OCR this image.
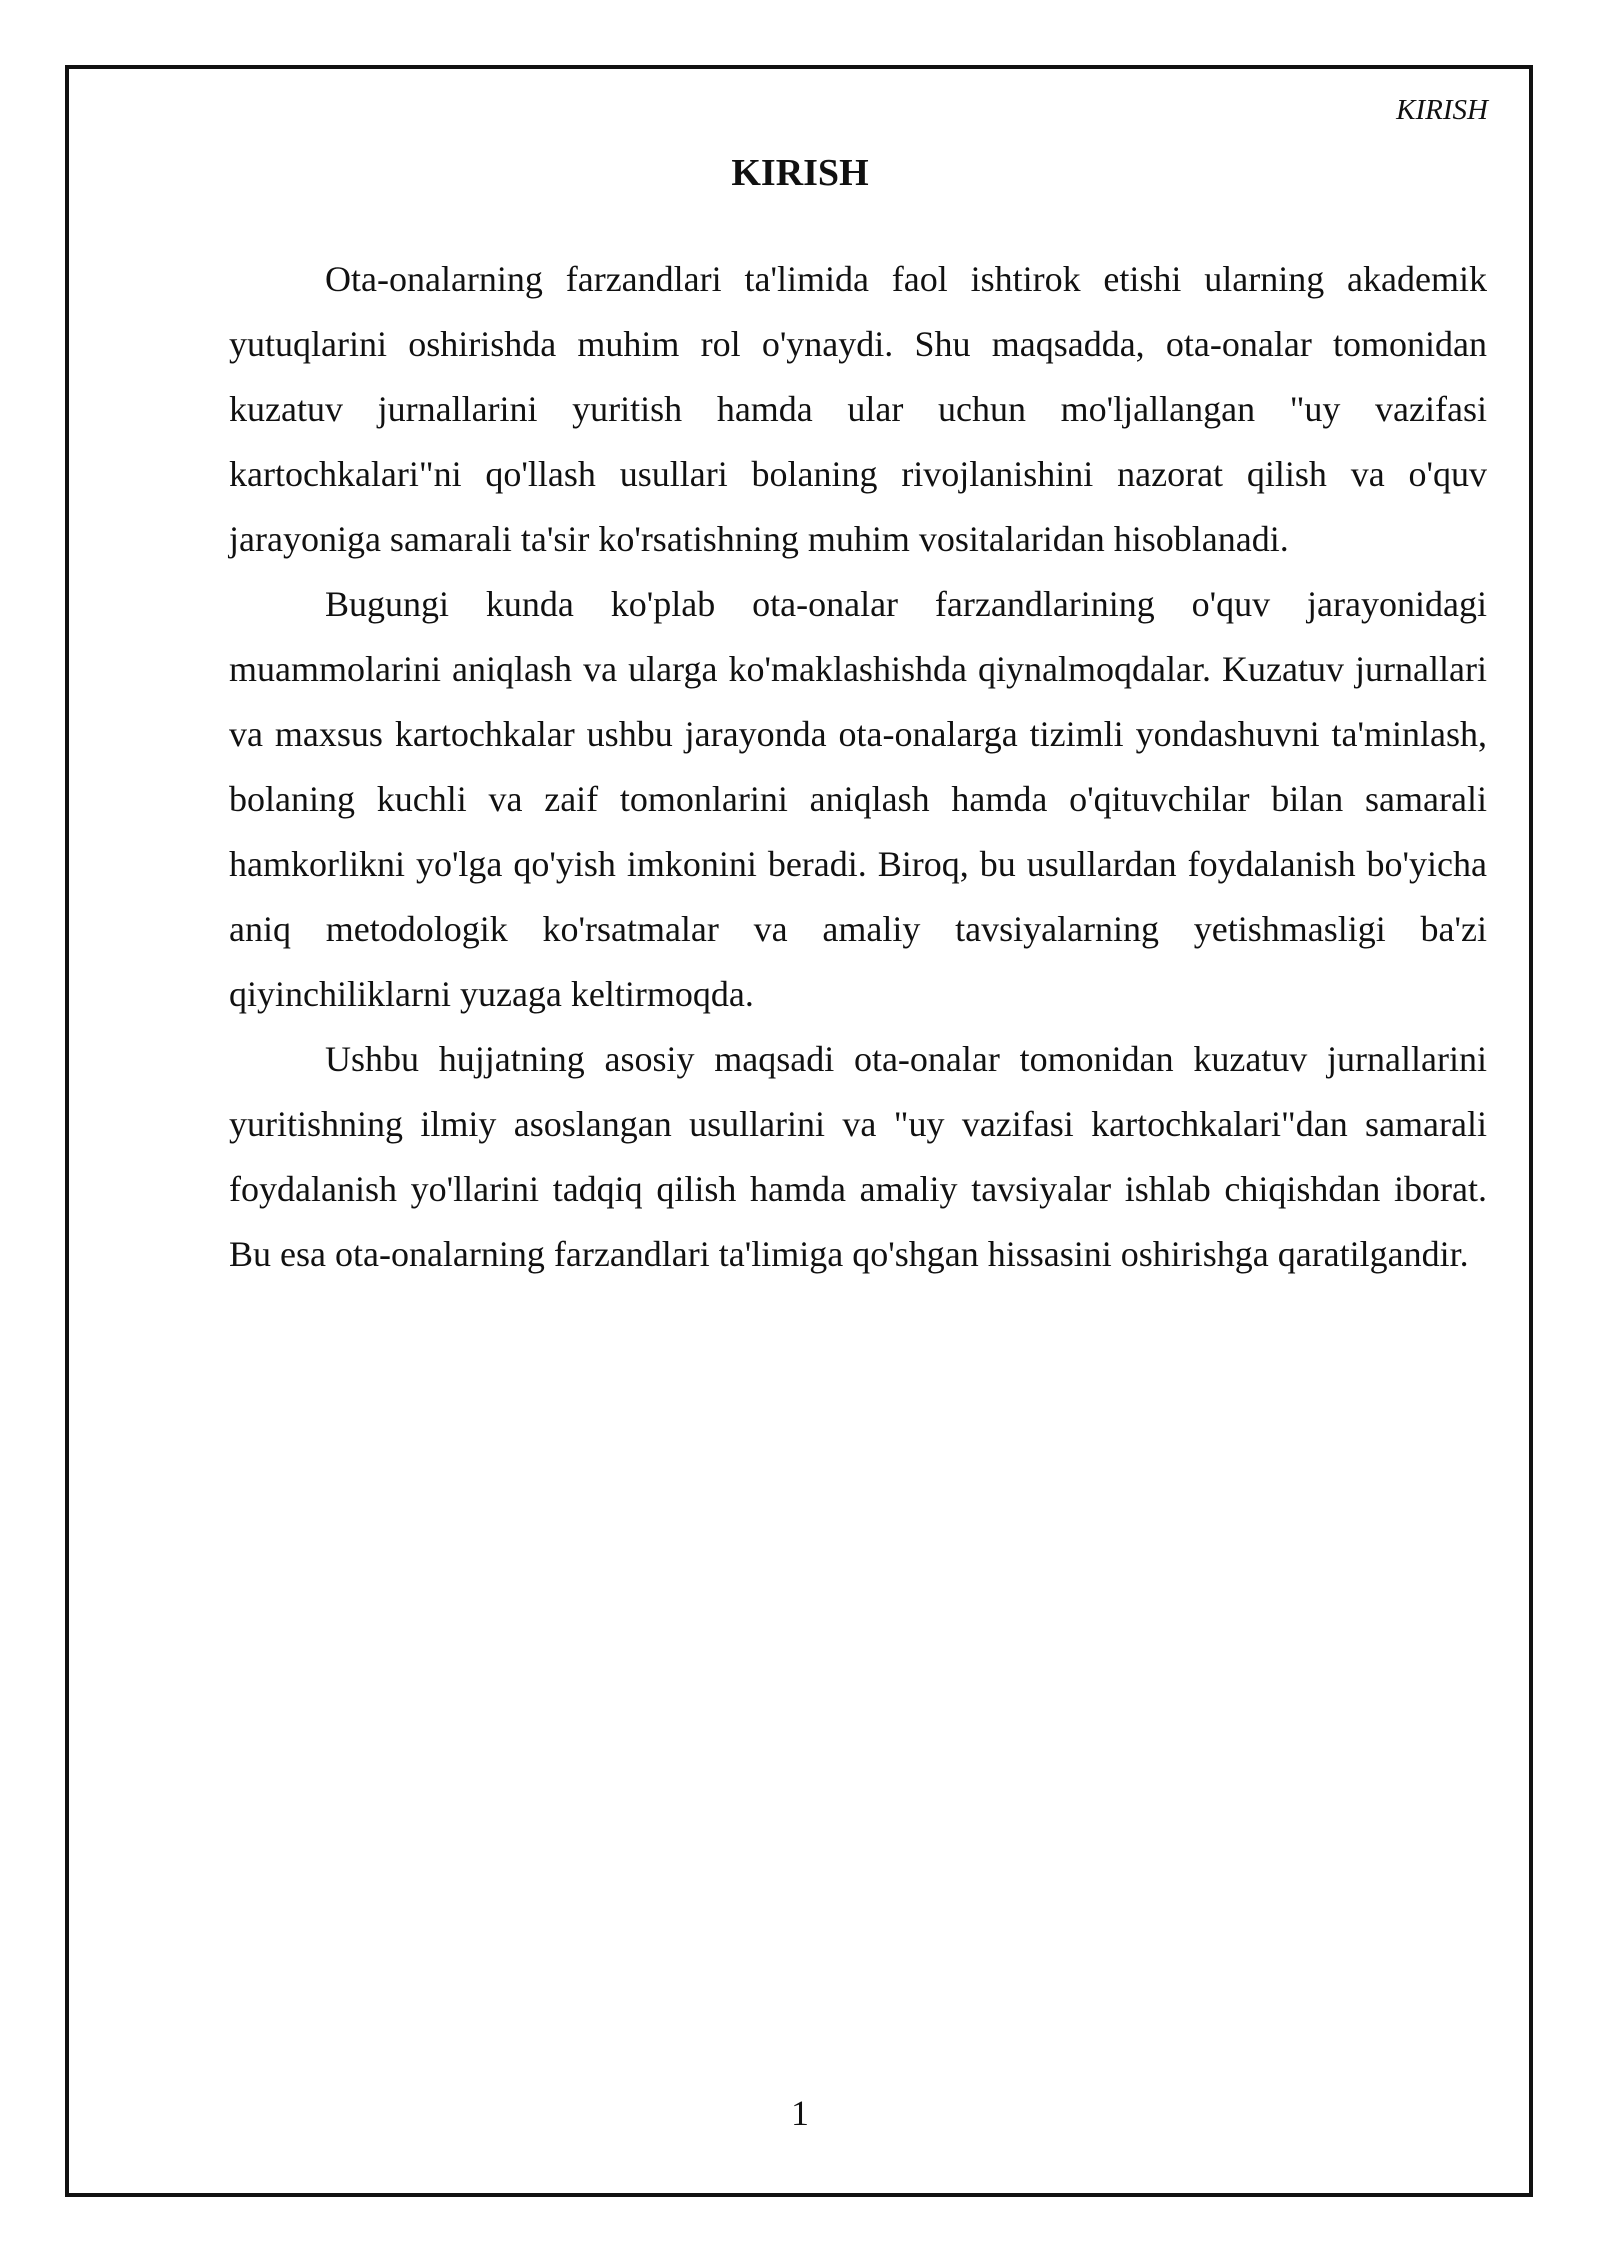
KIRISH
KIRISH

Ota-onalarning farzandlari ta'limida faol ishtirok etishi ularning akademik yutuqlarini oshirishda muhim rol o'ynaydi. Shu maqsadda, ota-onalar tomonidan kuzatuv jurnallarini yuritish hamda ular uchun mo'ljallangan "uy vazifasi kartochkalari"ni qo'llash usullari bolaning rivojlanishini nazorat qilish va o'quv jarayoniga samarali ta'sir ko'rsatishning muhim vositalaridan hisoblanadi.

Bugungi kunda ko'plab ota-onalar farzandlarining o'quv jarayonidagi muammolarini aniqlash va ularga ko'maklashishda qiynalmoqdalar. Kuzatuv jurnallari va maxsus kartochkalar ushbu jarayonda ota-onalarga tizimli yondashuvni ta'minlash, bolaning kuchli va zaif tomonlarini aniqlash hamda o'qituvchilar bilan samarali hamkorlikni yo'lga qo'yish imkonini beradi. Biroq, bu usullardan foydalanish bo'yicha aniq metodologik ko'rsatmalar va amaliy tavsiyalarning yetishmasligi ba'zi qiyinchiliklarni yuzaga keltirmoqda.

Ushbu hujjatning asosiy maqsadi ota-onalar tomonidan kuzatuv jurnallarini yuritishning ilmiy asoslangan usullarini va "uy vazifasi kartochkalari"dan samarali foydalanish yo'llarini tadqiq qilish hamda amaliy tavsiyalar ishlab chiqishdan iborat. Bu esa ota-onalarning farzandlari ta'limiga qo'shgan hissasini oshirishga qaratilgandir.

1
